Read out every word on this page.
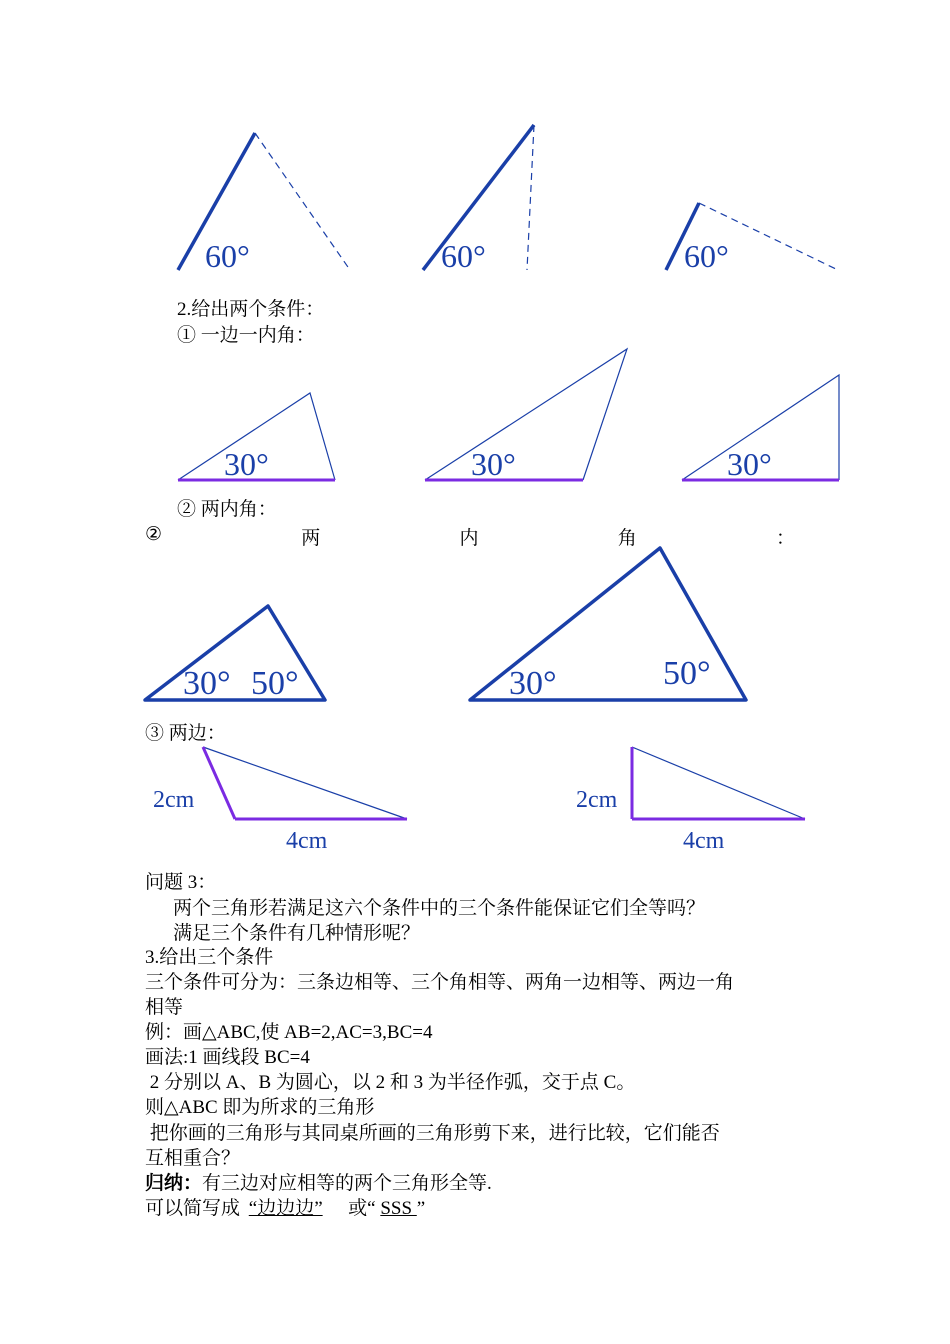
60°	60°	60°
30°	30°	30°
30° 50°	30°	50°
2cm
4cm
2cm
4cm
2.给出两个条件：
① 一边一内角：
② 两内角：
②	两	内	角	：
③ 两边：
问题 3：
两个三角形若满足这六个条件中的三个条件能保证它们全等吗？
满足三个条件有几种情形呢？
3.给出三个条件
三个条件可分为：三条边相等、三个角相等、两角一边相等、两边一角
相等
例：画△ABC,使 AB=2,AC=3,BC=4
画法:1 画线段 BC=4
2 分别以 A、B 为圆心，以 2 和 3 为半径作弧，交于点 C。
则△ABC 即为所求的三角形
把你画的三角形与其同桌所画的三角形剪下来，进行比较，它们能否
互相重合？
归纳：有三边对应相等的两个三角形全等.
可以简写成 “边边边”  或“ SSS ”
